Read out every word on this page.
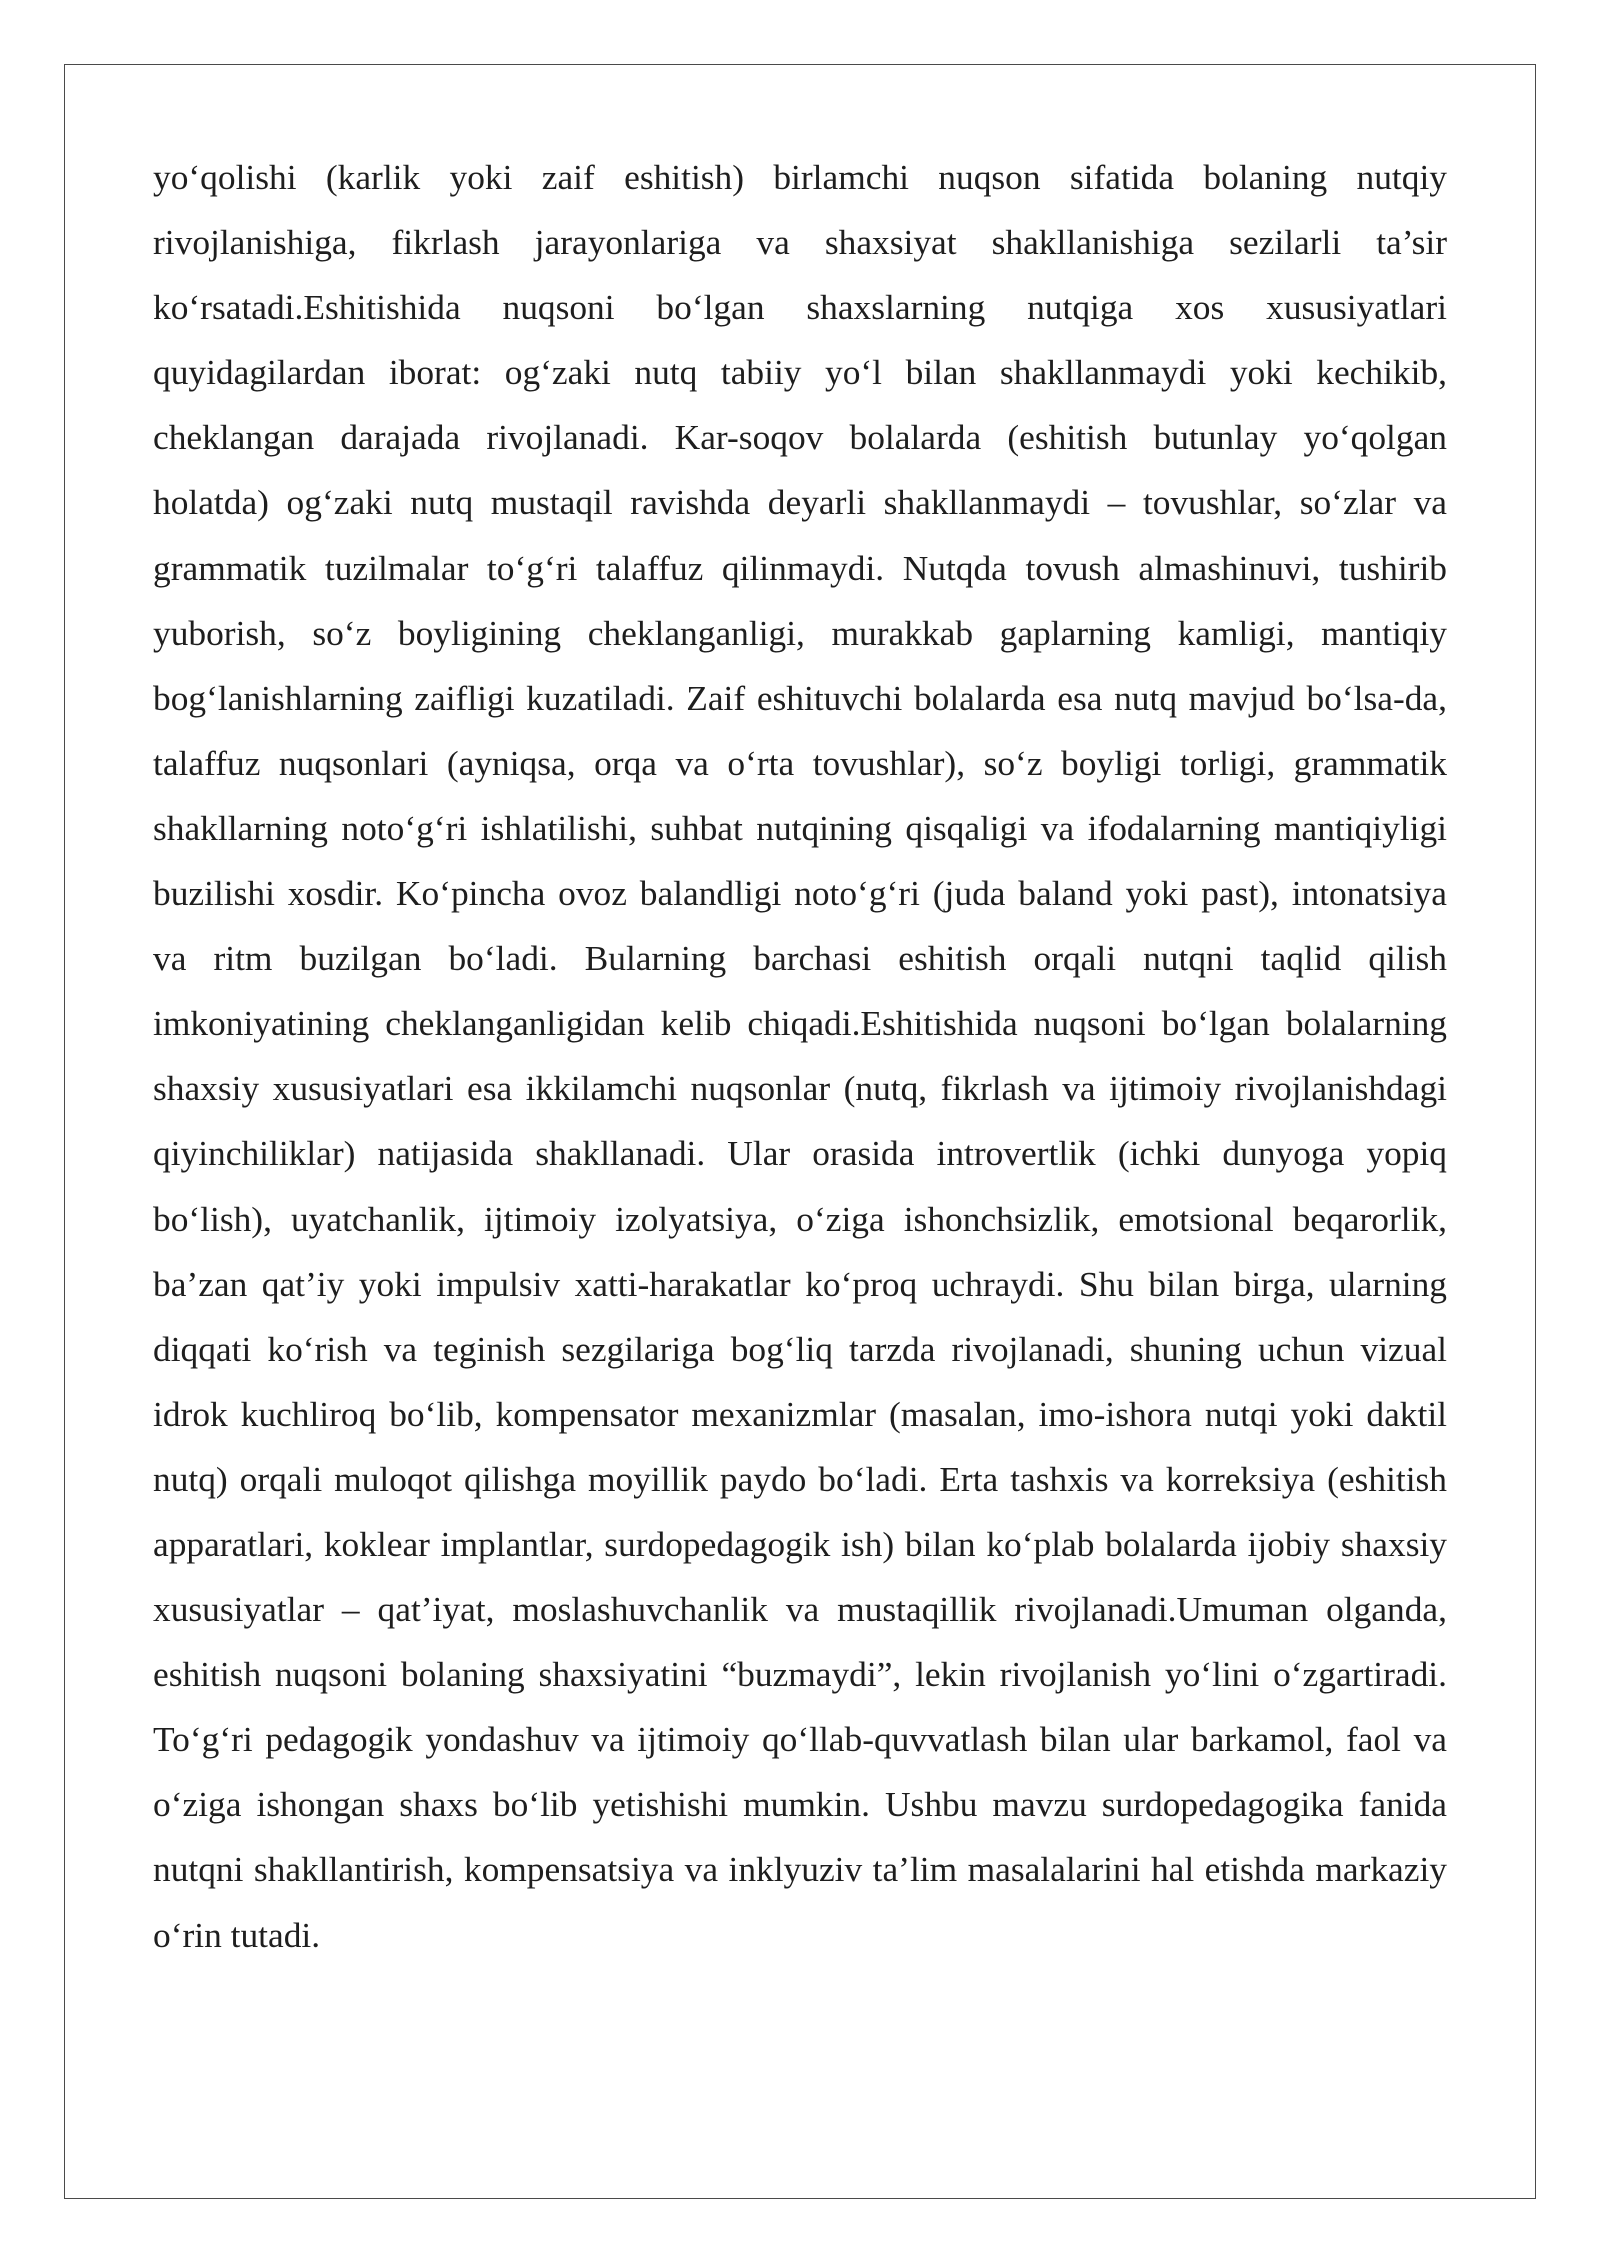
yo‘qolishi (karlik yoki zaif eshitish) birlamchi nuqson sifatida bolaning nutqiy rivojlanishiga, fikrlash jarayonlariga va shaxsiyat shakllanishiga sezilarli ta’sir ko‘rsatadi.Eshitishida nuqsoni bo‘lgan shaxslarning nutqiga xos xususiyatlari quyidagilardan iborat: og‘zaki nutq tabiiy yo‘l bilan shakllanmaydi yoki kechikib, cheklangan darajada rivojlanadi. Kar-soqov bolalarda (eshitish butunlay yo‘qolgan holatda) og‘zaki nutq mustaqil ravishda deyarli shakllanmaydi – tovushlar, so‘zlar va grammatik tuzilmalar to‘g‘ri talaffuz qilinmaydi. Nutqda tovush almashinuvi, tushirib yuborish, so‘z boyligining cheklanganligi, murakkab gaplarning kamligi, mantiqiy bog‘lanishlarning zaifligi kuzatiladi. Zaif eshituvchi bolalarda esa nutq mavjud bo‘lsa-da, talaffuz nuqsonlari (ayniqsa, orqa va o‘rta tovushlar), so‘z boyligi torligi, grammatik shakllarning noto‘g‘ri ishlatilishi, suhbat nutqining qisqaligi va ifodalarning mantiqiyligi buzilishi xosdir. Ko‘pincha ovoz balandligi noto‘g‘ri (juda baland yoki past), intonatsiya va ritm buzilgan bo‘ladi. Bularning barchasi eshitish orqali nutqni taqlid qilish imkoniyatining cheklanganligidan kelib chiqadi.Eshitishida nuqsoni bo‘lgan bolalarning shaxsiy xususiyatlari esa ikkilamchi nuqsonlar (nutq, fikrlash va ijtimoiy rivojlanishdagi qiyinchiliklar) natijasida shakllanadi. Ular orasida introvertlik (ichki dunyoga yopiq bo‘lish), uyatchanlik, ijtimoiy izolyatsiya, o‘ziga ishonchsizlik, emotsional beqarorlik, ba’zan qat’iy yoki impulsiv xatti-harakatlar ko‘proq uchraydi. Shu bilan birga, ularning diqqati ko‘rish va teginish sezgilariga bog‘liq tarzda rivojlanadi, shuning uchun vizual idrok kuchliroq bo‘lib, kompensator mexanizmlar (masalan, imo-ishora nutqi yoki daktil nutq) orqali muloqot qilishga moyillik paydo bo‘ladi. Erta tashxis va korreksiya (eshitish apparatlari, koklear implantlar, surdopedagogik ish) bilan ko‘plab bolalarda ijobiy shaxsiy xususiyatlar – qat’iyat, moslashuvchanlik va mustaqillik rivojlanadi.Umuman olganda, eshitish nuqsoni bolaning shaxsiyatini “buzmaydi”, lekin rivojlanish yo‘lini o‘zgartiradi. To‘g‘ri pedagogik yondashuv va ijtimoiy qo‘llab-quvvatlash bilan ular barkamol, faol va o‘ziga ishongan shaxs bo‘lib yetishishi mumkin. Ushbu mavzu surdopedagogika fanida nutqni shakllantirish, kompensatsiya va inklyuziv ta’lim masalalarini hal etishda markaziy o‘rin tutadi.
